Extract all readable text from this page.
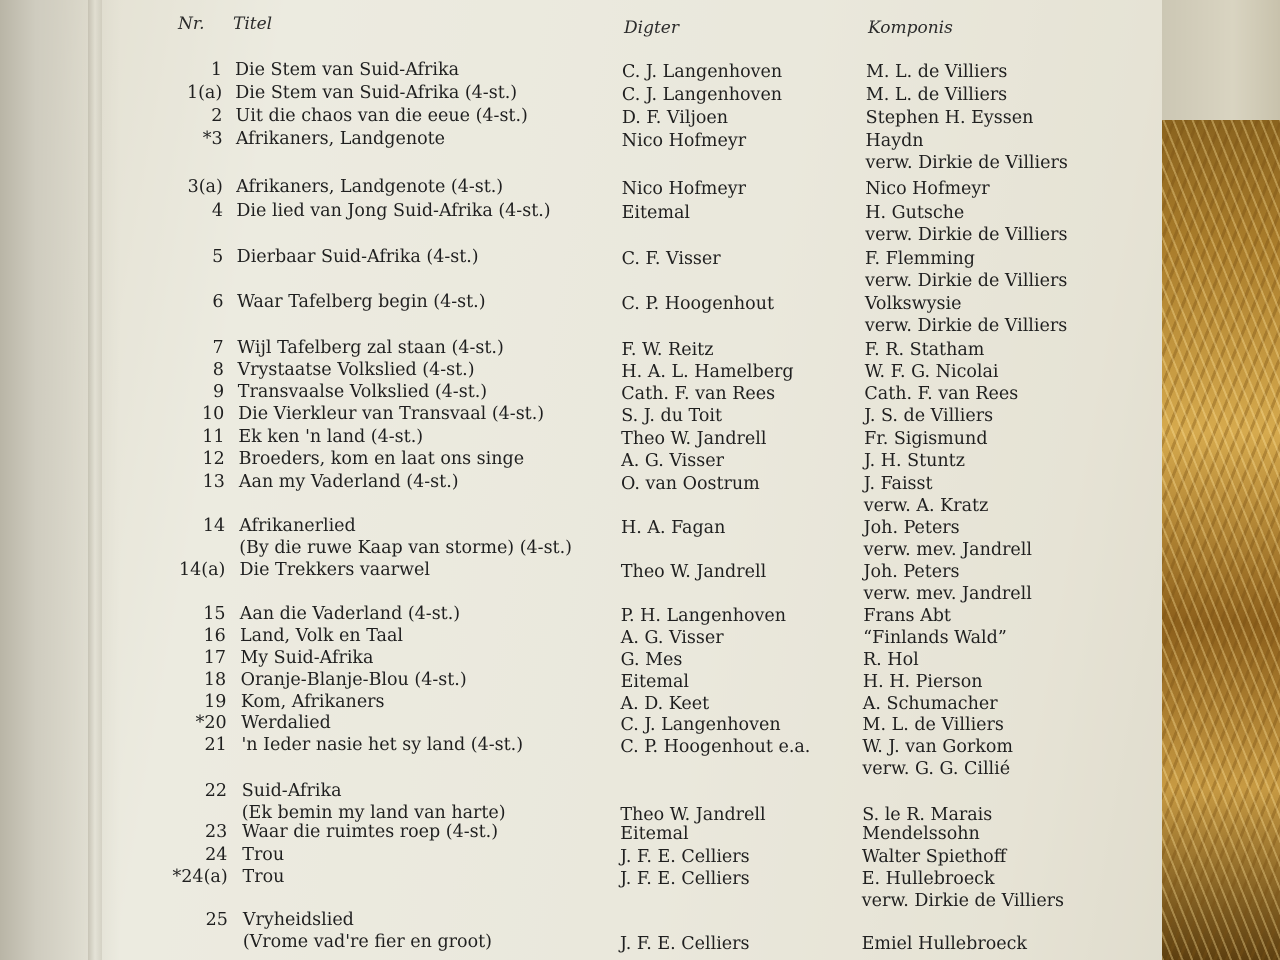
Nr. Titel	Digter	Komponis
1 Die Stem van Suid-Afrika	C. J. Langenhoven	M. L. de Villiers
1(a) Die Stem van Suid-Afrika (4-st.)	C. J. Langenhoven	M. L. de Villiers
2 Uit die chaos van die eeue (4-st.)	D. F. Viljoen	Stephen H. Eyssen
*3 Afrikaners, Landgenote	Nico Hofmeyr	Haydn
verw. Dirkie de Villiers
3(a) Afrikaners, Landgenote (4-st.)	Nico Hofmeyr	Nico Hofmeyr
4 Die lied van Jong Suid-Afrika (4-st.)	Eitemal	H. Gutsche
verw. Dirkie de Villiers
5 Dierbaar Suid-Afrika (4-st.)	C. F. Visser	F. Flemming
verw. Dirkie de Villiers
6 Waar Tafelberg begin (4-st.)	C. P. Hoogenhout	Volkswysie
verw. Dirkie de Villiers
7 Wijl Tafelberg zal staan (4-st.)	F. W. Reitz	F. R. Statham
8 Vrystaatse Volkslied (4-st.)	H. A. L. Hamelberg	W. F. G. Nicolai
9 Transvaalse Volkslied (4-st.)	Cath. F. van Rees	Cath. F. van Rees
10 Die Vierkleur van Transvaal (4-st.)	S. J. du Toit	J. S. de Villiers
11 Ek ken 'n land (4-st.)	Theo W. Jandrell	Fr. Sigismund
12 Broeders, kom en laat ons singe	A. G. Visser	J. H. Stuntz
13 Aan my Vaderland (4-st.)	O. van Oostrum	J. Faisst
verw. A. Kratz
14 Afrikanerlied
(By die ruwe Kaap van storme) (4-st.)
H. A. Fagan	Joh. Peters
verw. mev. Jandrell
14(a) Die Trekkers vaarwel	Theo W. Jandrell	Joh. Peters
verw. mev. Jandrell
15 Aan die Vaderland (4-st.)	P. H. Langenhoven	Frans Abt
16 Land, Volk en Taal	A. G. Visser	“Finlands Wald”
17 My Suid-Afrika	G. Mes	R. Hol
18 Oranje-Blanje-Blou (4-st.)	Eitemal	H. H. Pierson
19 Kom, Afrikaners	A. D. Keet	A. Schumacher
*20 Werdalied	C. J. Langenhoven	M. L. de Villiers
21 'n Ieder nasie het sy land (4-st.)	C. P. Hoogenhout e.a.	W. J. van Gorkom
verw. G. G. Cillié
22 Suid-Afrika
(Ek bemin my land van harte)	Theo W. Jandrell	S. le R. Marais
23 Waar die ruimtes roep (4-st.)	Eitemal	Mendelssohn
24 Trou	J. F. E. Celliers	Walter Spiethoff
*24(a) Trou	J. F. E. Celliers	E. Hullebroeck
verw. Dirkie de Villiers
25 Vryheidslied
(Vrome vad're fier en groot)	J. F. E. Celliers	Emiel Hullebroeck
